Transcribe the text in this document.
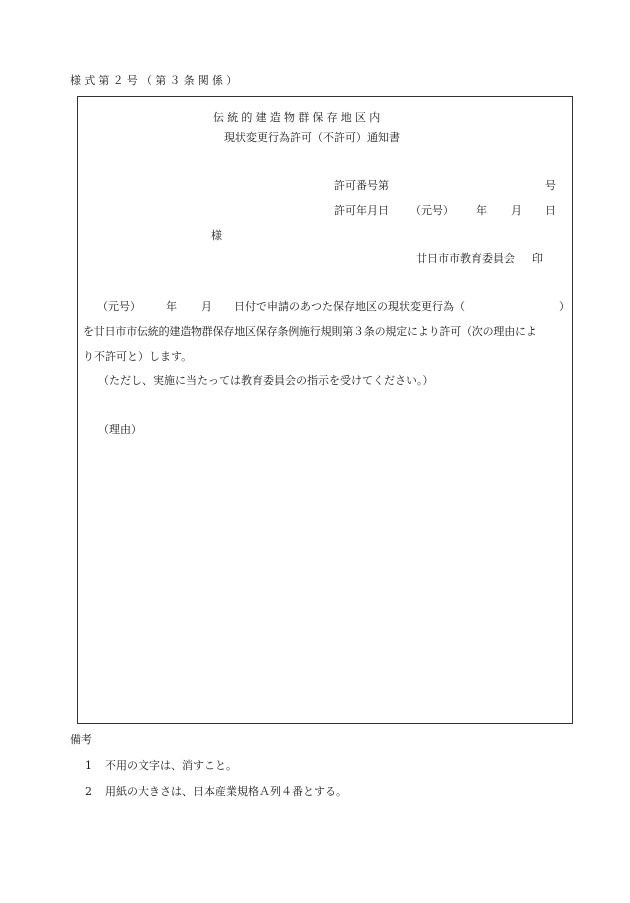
様式第２号（第３条関係）
伝統的建造物群保存地区内
現状変更行為許可（不許可）通知書
許可番号第	号
許可年月日 （元号） 年 月 日
様
廿日市市教育委員会 印
（元号） 年 月 日付で申請のあつた保存地区の現状変更行為（	）
を廿日市市伝統的建造物群保存地区保存条例施行規則第３条の規定により許可（次の理由によ
り不許可と）します。
（ただし、実施に当たっては教育委員会の指示を受けてください。）
（理由）
備考
1 不用の文字は、消すこと。
2 用紙の大きさは、日本産業規格Ａ列４番とする。
